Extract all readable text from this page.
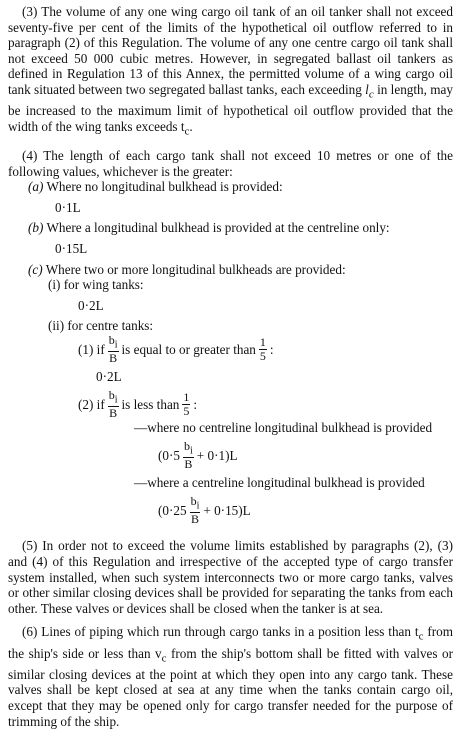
(3) The volume of any one wing cargo oil tank of an oil tanker shall not exceed seventy-five per cent of the limits of the hypothetical oil outflow referred to in paragraph (2) of this Regulation. The volume of any one centre cargo oil tank shall not exceed 50 000 cubic metres. However, in segregated ballast oil tankers as defined in Regulation 13 of this Annex, the permitted volume of a wing cargo oil tank situated between two segregated ballast tanks, each exceeding $l_c$ in length, may be increased to the maximum limit of hypothetical oil outflow provided that the width of the wing tanks exceeds $t_c$.

(4) The length of each cargo tank shall not exceed 10 metres or one of the following values, whichever is the greater:

(a) Where no longitudinal bulkhead is provided:

0·1L

(b) Where a longitudinal bulkhead is provided at the centreline only:

0·15L

(c) Where two or more longitudinal bulkheads are provided:

(i) for wing tanks:

0·2L

(ii) for centre tanks:

(1) if $\frac{b_i}{B}$ is equal to or greater than $\frac{1}{5}$ :

0·2L

(2) if $\frac{b_i}{B}$ is less than $\frac{1}{5}$ :

—where no centreline longitudinal bulkhead is provided

$(0\cdot 5 \frac{b_i}{B} + 0\cdot 1)L$

—where a centreline longitudinal bulkhead is provided

$(0\cdot 25 \frac{b_i}{B} + 0\cdot 15)L$

(5) In order not to exceed the volume limits established by paragraphs (2), (3) and (4) of this Regulation and irrespective of the accepted type of cargo transfer system installed, when such system interconnects two or more cargo tanks, valves or other similar closing devices shall be provided for separating the tanks from each other. These valves or devices shall be closed when the tanker is at sea.

(6) Lines of piping which run through cargo tanks in a position less than $t_c$ from the ship's side or less than $v_c$ from the ship's bottom shall be fitted with valves or similar closing devices at the point at which they open into any cargo tank. These valves shall be kept closed at sea at any time when the tanks contain cargo oil, except that they may be opened only for cargo transfer needed for the purpose of trimming of the ship.
